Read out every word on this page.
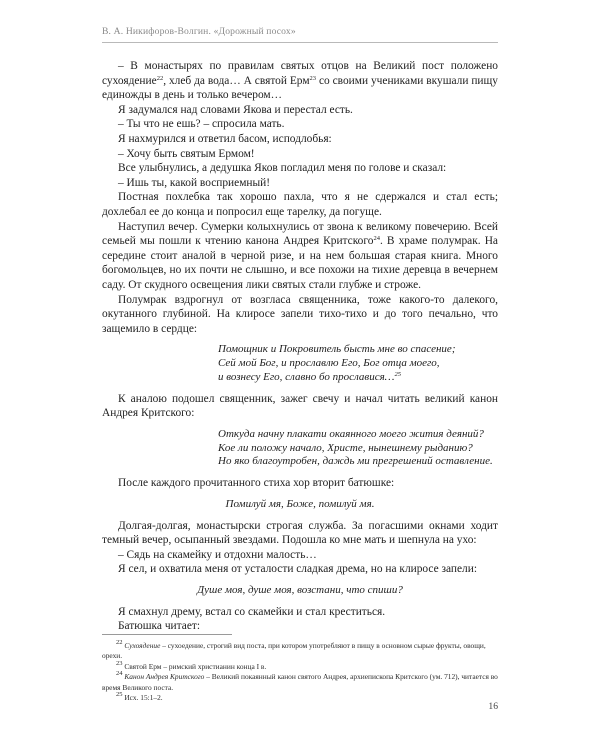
В. А. Никифоров-Волгин. «Дорожный посох»

– В монастырях по правилам святых отцов на Великий пост положено сухоядение$^{22}$, хлеб да вода… А святой Ерм$^{23}$ со своими учениками вкушали пищу единожды в день и только вечером…

Я задумался над словами Якова и перестал есть.

– Ты что не ешь? – спросила мать.

Я нахмурился и ответил басом, исподлобья:

– Хочу быть святым Ермом!

Все улыбнулись, а дедушка Яков погладил меня по голове и сказал:

– Ишь ты, какой восприемный!

Постная похлебка так хорошо пахла, что я не сдержался и стал есть; дохлебал ее до конца и попросил еще тарелку, да погуще.

Наступил вечер. Сумерки колыхнулись от звона к великому повечерию. Всей семьей мы пошли к чтению канона Андрея Критского$^{24}$. В храме полумрак. На середине стоит аналой в черной ризе, и на нем большая старая книга. Много богомольцев, но их почти не слышно, и все похожи на тихие деревца в вечернем саду. От скудного освещения лики святых стали глубже и строже.

Полумрак вздрогнул от возгласа священника, тоже какого-то далекого, окутанного глубиной. На клиросе запели тихо-тихо и до того печально, что защемило в сердце:

Помощник и Покровитель бысть мне во спасение;

Сей мой Бог, и прославлю Его, Бог отца моего,

и вознесу Его, славно бо прославися…$^{25}$

К аналою подошел священник, зажег свечу и начал читать великий канон Андрея Критского:

Откуда начну плакати окаянного моего жития деяний?

Кое ли положу начало, Христе, нынешнему рыданию?

Но яко благоутробен, даждь ми прегрешений оставление.

После каждого прочитанного стиха хор вторит батюшке:

Помилуй мя, Боже, помилуй мя.

Долгая-долгая, монастырски строгая служба. За погасшими окнами ходит темный вечер, осыпанный звездами. Подошла ко мне мать и шепнула на ухо:

– Сядь на скамейку и отдохни малость…

Я сел, и охватила меня от усталости сладкая дрема, но на клиросе запели:

Душе моя, душе моя, возстани, что спиши?

Я смахнул дрему, встал со скамейки и стал креститься.

Батюшка читает:

$^{22}$ Сухоядение – сухоедение, строгий вид поста, при котором употребляют в пищу в основном сырые фрукты, овощи, орехи.

$^{23}$ Святой Ерм – римский христианин конца I в.

$^{24}$ Канон Андрея Критского – Великий покаянный канон святого Андрея, архиепископа Критского (ум. 712), читается во время Великого поста.

$^{25}$ Исх. 15:1–2.

16
